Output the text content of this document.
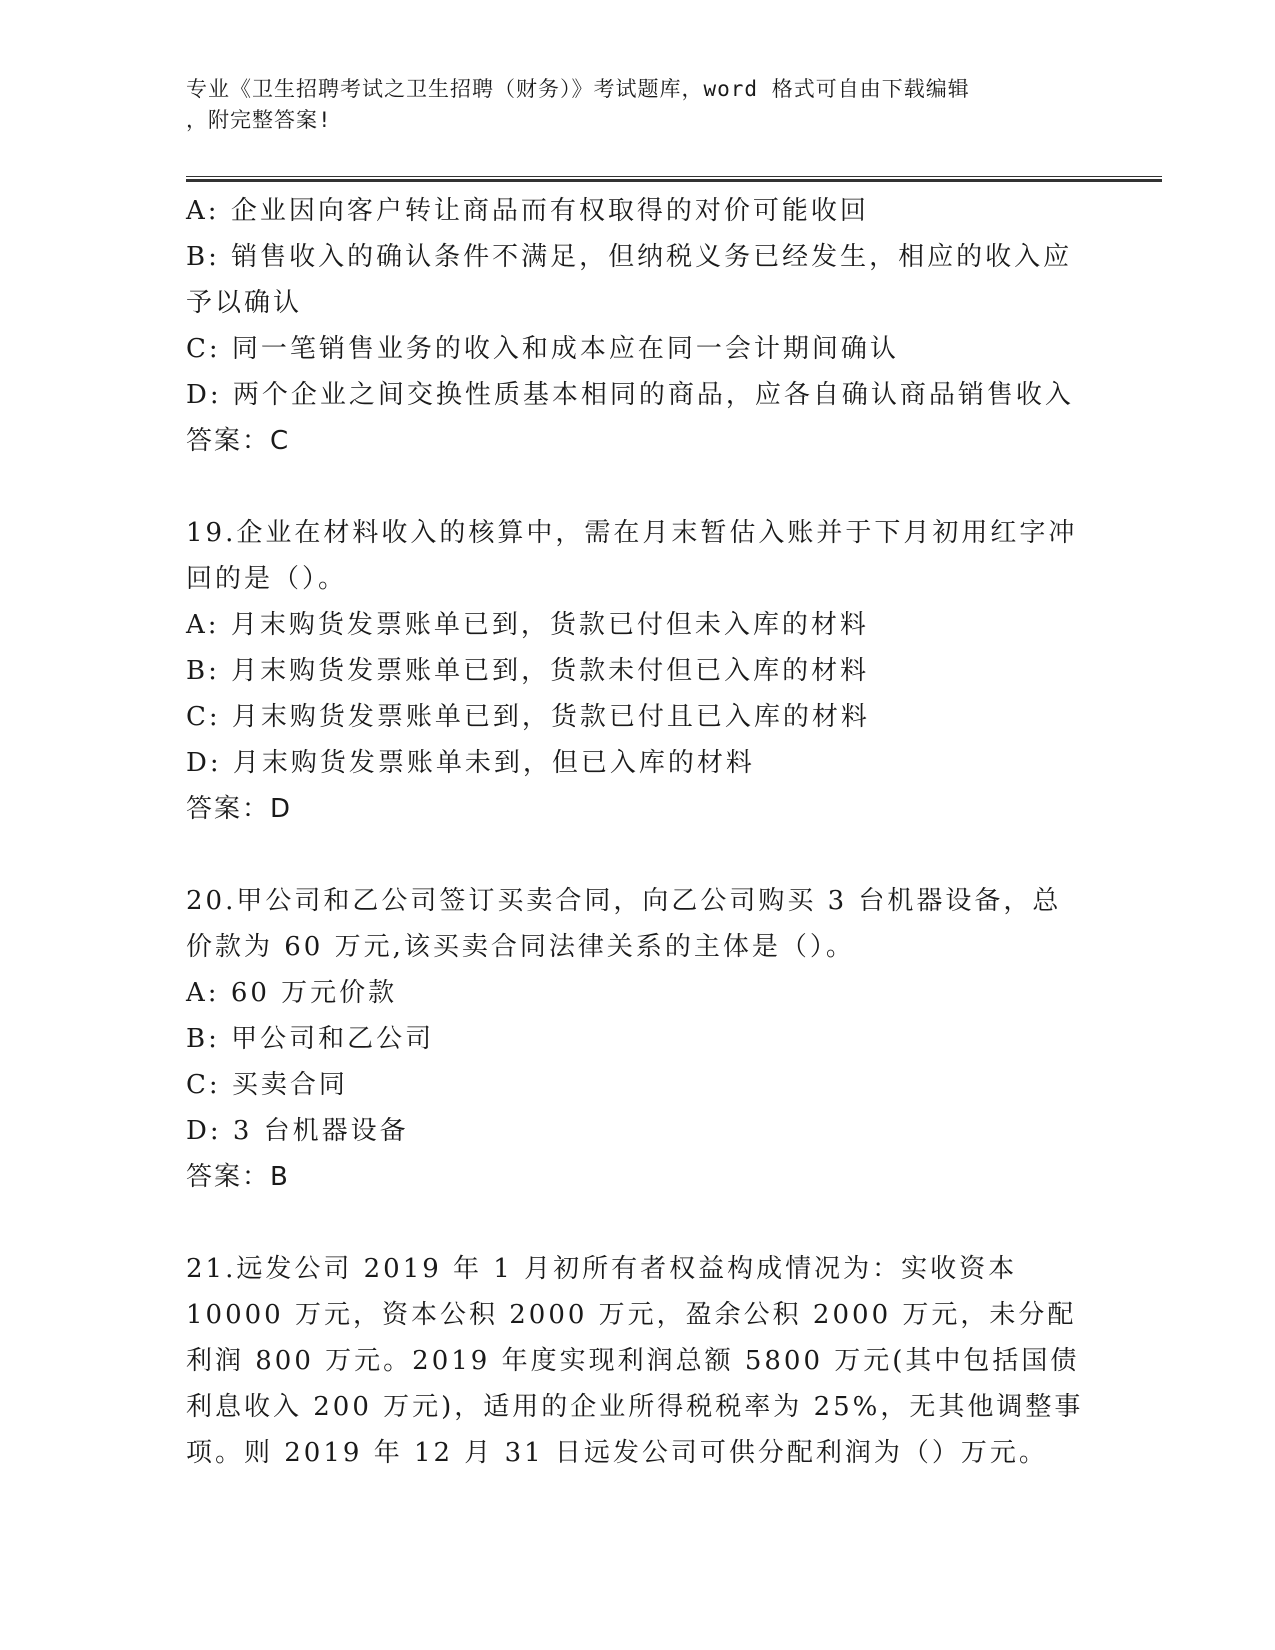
专业《卫生招聘考试之卫生招聘（财务）》考试题库，word 格式可自由下载编辑
，附完整答案!

A: 企业因向客户转让商品而有权取得的对价可能收回

B: 销售收入的确认条件不满足，但纳税义务已经发生，相应的收入应予以确认

C: 同一笔销售业务的收入和成本应在同一会计期间确认

D: 两个企业之间交换性质基本相同的商品，应各自确认商品销售收入

答案：C

19.企业在材料收入的核算中，需在月末暂估入账并于下月初用红字冲回的是（）。

A: 月末购货发票账单已到，货款已付但未入库的材料

B: 月末购货发票账单已到，货款未付但已入库的材料

C: 月末购货发票账单已到，货款已付且已入库的材料

D: 月末购货发票账单未到，但已入库的材料

答案：D

20.甲公司和乙公司签订买卖合同，向乙公司购买 3 台机器设备，总价款为 60 万元,该买卖合同法律关系的主体是（）。

A: 60 万元价款

B: 甲公司和乙公司

C: 买卖合同

D: 3 台机器设备

答案：B

21.远发公司 2019 年 1 月初所有者权益构成情况为：实收资本 10000 万元，资本公积 2000 万元，盈余公积 2000 万元，未分配利润 800 万元。2019 年度实现利润总额 5800 万元(其中包括国债利息收入 200 万元)，适用的企业所得税税率为 25%，无其他调整事项。则 2019 年 12 月 31 日远发公司可供分配利润为（）万元。
